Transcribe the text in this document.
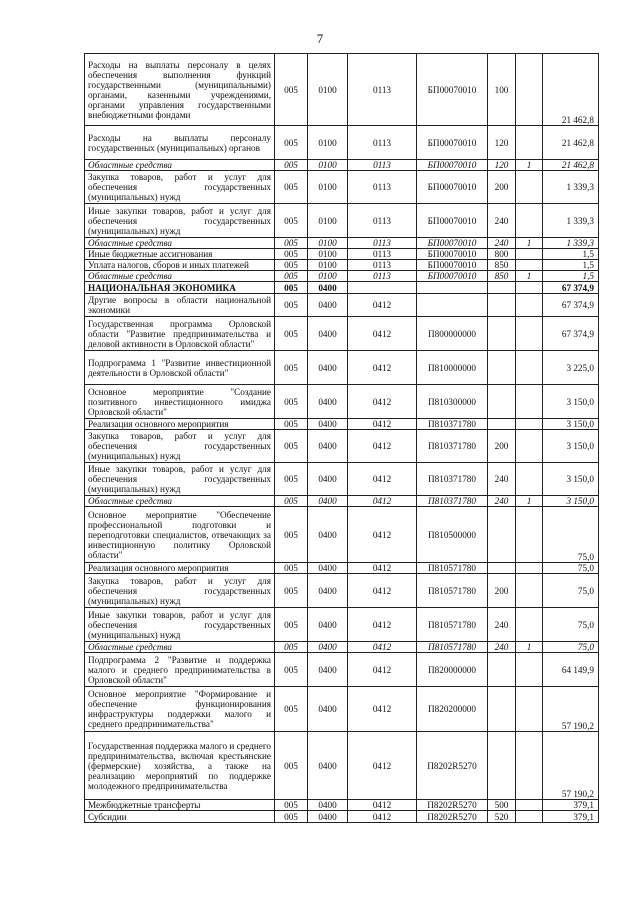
7
Расходы на выплаты персоналу в целях обеспечения выполнения функций государственными (муниципальными) органами, казенными учреждениями, органами управления государственными внебюджетными фондами	005	0100	0113	БП00070010	100		21 462,8
Расходы на выплаты персоналу государственных (муниципальных) органов	005	0100	0113	БП00070010	120		21 462,8
Областные средства	005	0100	0113	БП00070010	120	1	21 462,8
Закупка товаров, работ и услуг для обеспечения государственных (муниципальных) нужд	005	0100	0113	БП00070010	200		1 339,3
Иные закупки товаров, работ и услуг для обеспечения государственных (муниципальных) нужд	005	0100	0113	БП00070010	240		1 339,3
Областные средства	005	0100	0113	БП00070010	240	1	1 339,3
Иные бюджетные ассигнования	005	0100	0113	БП00070010	800		1,5
Уплата налогов, сборов и иных платежей	005	0100	0113	БП00070010	850		1,5
Областные средства	005	0100	0113	БП00070010	850	1	1,5
НАЦИОНАЛЬНАЯ ЭКОНОМИКА	005	0400					67 374,9
Другие вопросы в области национальной экономики	005	0400	0412				67 374,9
Государственная программа Орловской области "Развитие предпринимательства и деловой активности в Орловской области"	005	0400	0412	П800000000			67 374,9
Подпрограмма 1 "Развитие инвестиционной деятельности в Орловской области"	005	0400	0412	П810000000			3 225,0
Основное мероприятие "Создание позитивного инвестиционного имиджа Орловской области"	005	0400	0412	П810300000			3 150,0
Реализация основного мероприятия	005	0400	0412	П810371780			3 150,0
Закупка товаров, работ и услуг для обеспечения государственных (муниципальных) нужд	005	0400	0412	П810371780	200		3 150,0
Иные закупки товаров, работ и услуг для обеспечения государственных (муниципальных) нужд	005	0400	0412	П810371780	240		3 150,0
Областные средства	005	0400	0412	П810371780	240	1	3 150,0
Основное мероприятие "Обеспечение профессиональной подготовки и переподготовки специалистов, отвечающих за инвестиционную политику Орловской области"	005	0400	0412	П810500000			75,0
Реализация основного мероприятия	005	0400	0412	П810571780			75,0
Закупка товаров, работ и услуг для обеспечения государственных (муниципальных) нужд	005	0400	0412	П810571780	200		75,0
Иные закупки товаров, работ и услуг для обеспечения государственных (муниципальных) нужд	005	0400	0412	П810571780	240		75,0
Областные средства	005	0400	0412	П810571780	240	1	75,0
Подпрограмма 2 "Развитие и поддержка малого и среднего предпринимательства в Орловской области"	005	0400	0412	П820000000			64 149,9
Основное мероприятие "Формирование и обеспечение функционирования инфраструктуры поддержки малого и среднего предпринимательства"	005	0400	0412	П820200000			57 190,2
Государственная поддержка малого и среднего предпринимательства, включая крестьянские (фермерские) хозяйства, а также на реализацию мероприятий по поддержке молодежного предпринимательства	005	0400	0412	П8202R5270			57 190,2
Межбюджетные трансферты	005	0400	0412	П8202R5270	500		379,1
Субсидии	005	0400	0412	П8202R5270	520		379,1
